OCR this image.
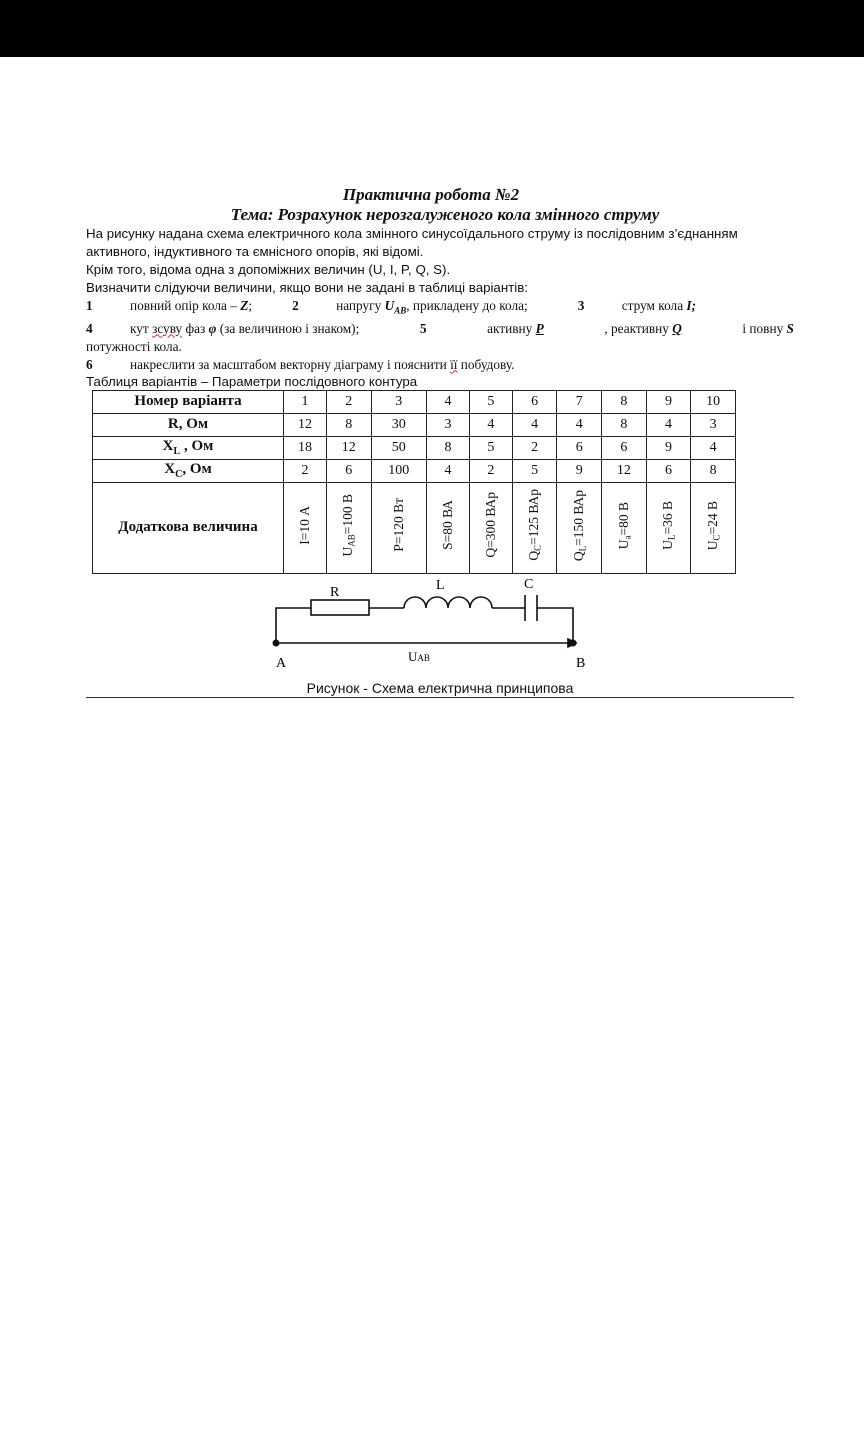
Практична робота №2
Тема: Розрахунок нерозгалуженого кола змінного струму
На рисунку надана схема електричного кола змінного синусоїдального струму із послідовним з’єднанням активного, індуктивного та ємнісного опорів, які відомі.
Крім того, відома одна з допоміжних величин (U, I, P, Q, S).
Визначити слідуючи величини, якщо вони не задані в таблиці варіантів:
1	повний опір кола – Z;	2	напругу $U_{AB}$, прикладену до кола;	3	струм кола I;
4	кут зсуву фаз φ (за величиною і знаком);	5	активну P	, реактивну Q	і повну S
потужності кола.
6	накреслити за масштабом векторну діаграму і пояснити її побудову.
Таблиця варіантів – Параметри послідовного контура
Номер варіанта	1	2	3	4	5	6	7	8	9	10
R, Ом	12	8	30	3	4	4	4	8	4	3
$X_L$ , Ом	18	12	50	8	5	2	6	6	9	4
$X_C$, Ом	2	6	100	4	2	5	9	12	6	8
Додаткова величина	I=10 А	$U_{AB}=100$ В	P=120 Вт	S=80 ВА	Q=300 ВАр	$Q_C=125$ ВАр	$Q_L=150$ ВАр	$U_a=80$ В	$U_L=36$ В	$U_C=24$ В
R	L	C
A	B
UAB
Рисунок - Схема електрична принципова
